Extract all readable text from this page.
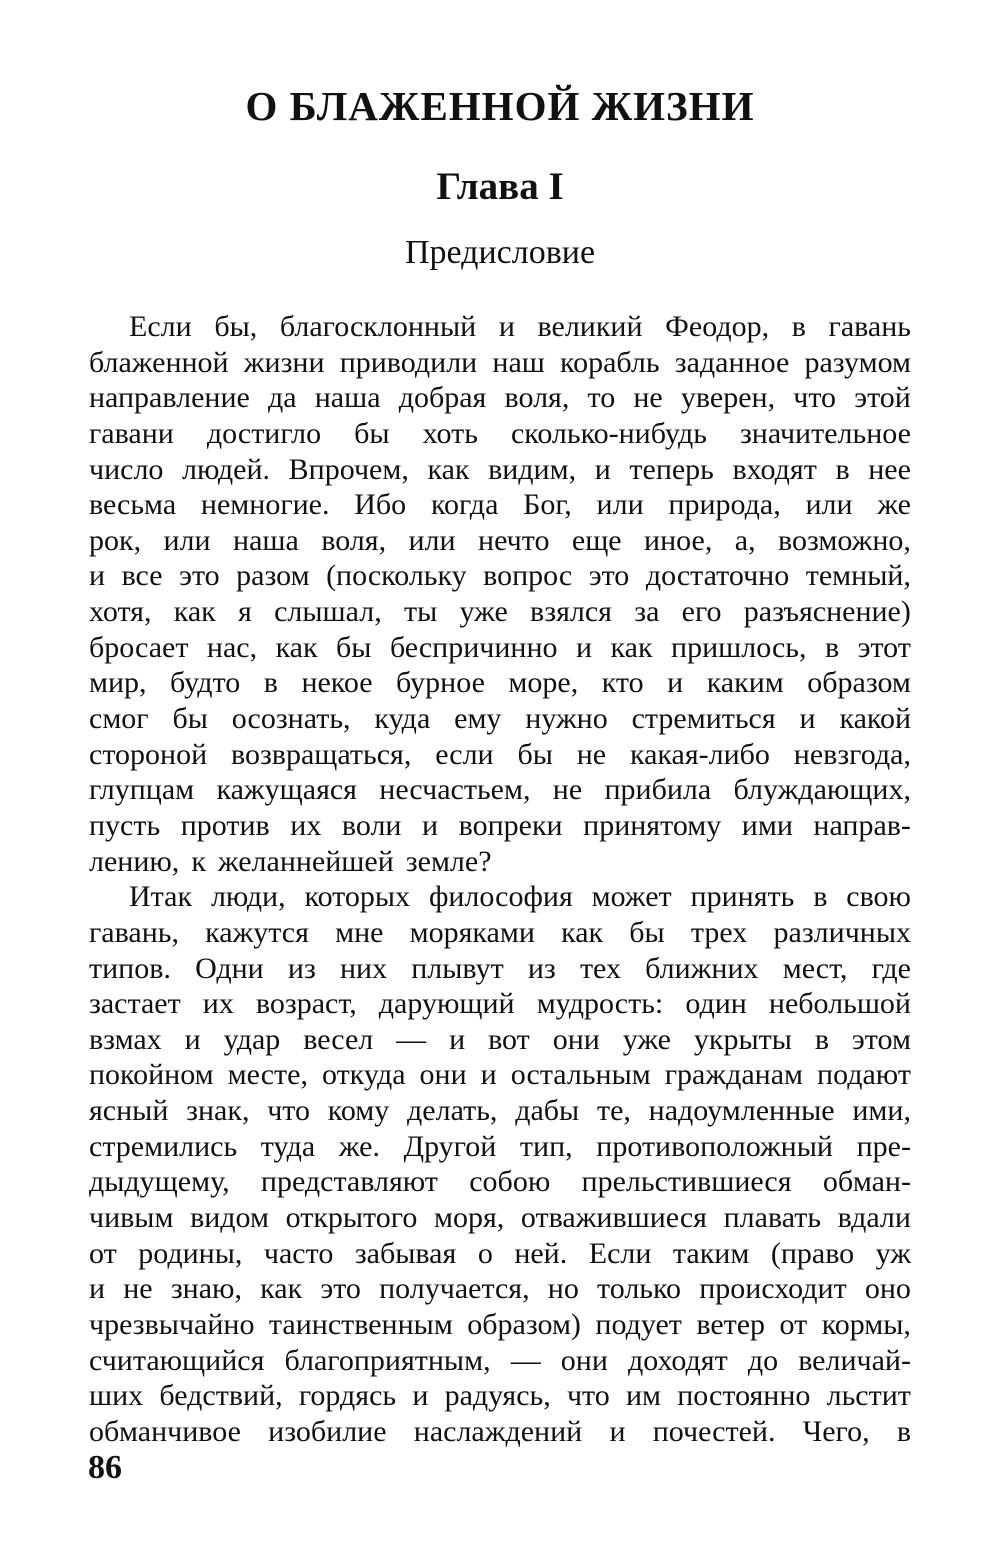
О БЛАЖЕННОЙ ЖИЗНИ
Глава I
Предисловие
Если бы, благосклонный и великий Феодор, в гавань
блаженной жизни приводили наш корабль заданное разумом
направление да наша добрая воля, то не уверен, что этой
гавани достигло бы хоть сколько-нибудь значительное
число людей. Впрочем, как видим, и теперь входят в нее
весьма немногие. Ибо когда Бог, или природа, или же
рок, или наша воля, или нечто еще иное, а, возможно,
и все это разом (поскольку вопрос это достаточно темный,
хотя, как я слышал, ты уже взялся за его разъяснение)
бросает нас, как бы беспричинно и как пришлось, в этот
мир, будто в некое бурное море, кто и каким образом
смог бы осознать, куда ему нужно стремиться и какой
стороной возвращаться, если бы не какая-либо невзгода,
глупцам кажущаяся несчастьем, не прибила блуждающих,
пусть против их воли и вопреки принятому ими направ-
лению, к желаннейшей земле?
Итак люди, которых философия может принять в свою
гавань, кажутся мне моряками как бы трех различных
типов. Одни из них плывут из тех ближних мест, где
застает их возраст, дарующий мудрость: один небольшой
взмах и удар весел — и вот они уже укрыты в этом
покойном месте, откуда они и остальным гражданам подают
ясный знак, что кому делать, дабы те, надоумленные ими,
стремились туда же. Другой тип, противоположный пре-
дыдущему, представляют собою прельстившиеся обман-
чивым видом открытого моря, отважившиеся плавать вдали
от родины, часто забывая о ней. Если таким (право уж
и не знаю, как это получается, но только происходит оно
чрезвычайно таинственным образом) подует ветер от кормы,
считающийся благоприятным, — они доходят до величай-
ших бедствий, гордясь и радуясь, что им постоянно льстит
обманчивое изобилие наслаждений и почестей. Чего, в
86
